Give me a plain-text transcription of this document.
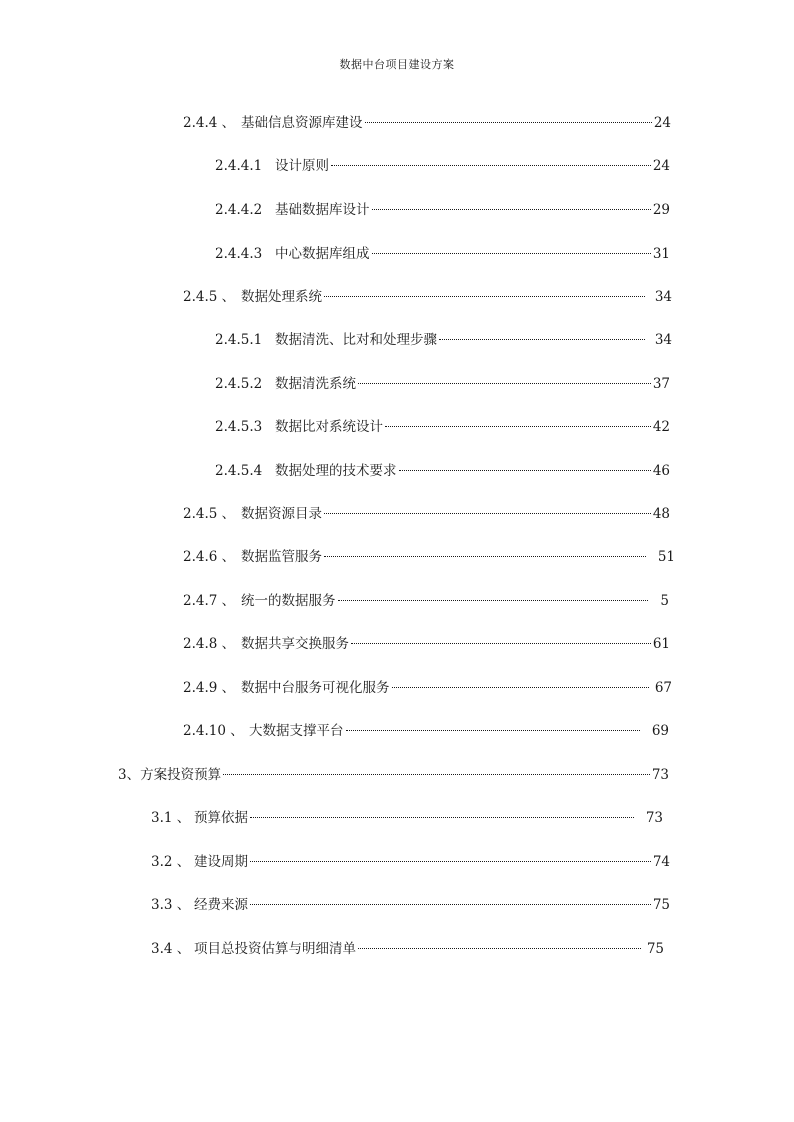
数据中台项目建设方案
2.4.4 、 基础信息资源库建设	24
2.4.4.1 设计原则	24
2.4.4.2 基础数据库设计	29
2.4.4.3 中心数据库组成	31
2.4.5 、 数据处理系统	34
2.4.5.1 数据清洗、比对和处理步骤	34
2.4.5.2 数据清洗系统	37
2.4.5.3 数据比对系统设计	42
2.4.5.4 数据处理的技术要求	46
2.4.5 、 数据资源目录	48
2.4.6 、 数据监管服务	51
2.4.7 、 统一的数据服务	5
2.4.8 、 数据共享交换服务	61
2.4.9 、 数据中台服务可视化服务	67
2.4.10 、 大数据支撑平台	69
3、 方案投资预算	73
3.1 、 预算依据	73
3.2 、 建设周期	74
3.3 、 经费来源	75
3.4 、 项目总投资估算与明细清单	75
